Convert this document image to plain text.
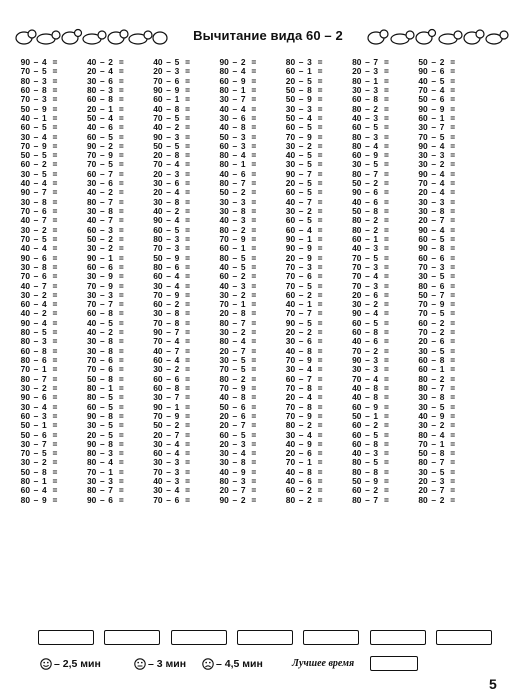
Вычитание вида 60 – 2
90 – 4 =
70 – 5 =
80 – 3 =
60 – 8 =
70 – 3 =
50 – 9 =
40 – 1 =
60 – 5 =
30 – 4 =
70 – 9 =
50 – 5 =
60 – 2 =
30 – 5 =
40 – 4 =
90 – 7 =
30 – 8 =
70 – 6 =
40 – 7 =
30 – 2 =
70 – 5 =
40 – 4 =
90 – 6 =
30 – 8 =
70 – 6 =
40 – 7 =
30 – 2 =
60 – 4 =
40 – 2 =
90 – 4 =
80 – 5 =
80 – 3 =
60 – 8 =
80 – 6 =
70 – 1 =
80 – 7 =
30 – 2 =
90 – 6 =
30 – 4 =
60 – 3 =
50 – 1 =
50 – 6 =
30 – 7 =
70 – 5 =
30 – 2 =
50 – 8 =
80 – 1 =
60 – 4 =
80 – 9 =
40 – 2 =
20 – 4 =
30 – 6 =
80 – 3 =
60 – 8 =
20 – 1 =
50 – 4 =
40 – 6 =
60 – 5 =
90 – 2 =
70 – 9 =
70 – 5 =
60 – 7 =
30 – 6 =
40 – 2 =
80 – 7 =
30 – 8 =
40 – 7 =
60 – 3 =
50 – 2 =
30 – 2 =
90 – 1 =
60 – 6 =
30 – 9 =
70 – 9 =
30 – 3 =
70 – 7 =
60 – 8 =
40 – 5 =
40 – 2 =
30 – 8 =
30 – 8 =
70 – 6 =
70 – 6 =
50 – 8 =
80 – 1 =
80 – 5 =
60 – 5 =
90 – 8 =
30 – 5 =
20 – 5 =
90 – 8 =
80 – 3 =
80 – 4 =
70 – 1 =
30 – 3 =
80 – 7 =
90 – 6 =
40 – 5 =
20 – 3 =
70 – 6 =
90 – 9 =
60 – 1 =
40 – 8 =
70 – 5 =
40 – 2 =
90 – 3 =
50 – 5 =
20 – 8 =
70 – 4 =
20 – 3 =
30 – 6 =
20 – 4 =
30 – 8 =
40 – 2 =
90 – 4 =
60 – 5 =
80 – 3 =
70 – 3 =
50 – 9 =
80 – 6 =
60 – 4 =
30 – 4 =
70 – 9 =
60 – 2 =
30 – 8 =
70 – 8 =
90 – 7 =
70 – 4 =
40 – 7 =
60 – 4 =
30 – 2 =
60 – 6 =
60 – 8 =
30 – 7 =
90 – 1 =
70 – 9 =
50 – 2 =
20 – 7 =
30 – 4 =
60 – 4 =
30 – 3 =
70 – 3 =
40 – 3 =
30 – 4 =
70 – 6 =
90 – 2 =
80 – 4 =
60 – 9 =
80 – 1 =
30 – 7 =
40 – 4 =
30 – 6 =
40 – 8 =
50 – 3 =
60 – 3 =
80 – 4 =
80 – 1 =
40 – 6 =
80 – 7 =
50 – 2 =
30 – 3 =
30 – 8 =
40 – 3 =
80 – 2 =
70 – 9 =
60 – 1 =
80 – 5 =
40 – 5 =
60 – 2 =
40 – 3 =
30 – 2 =
70 – 1 =
20 – 8 =
80 – 7 =
30 – 2 =
80 – 4 =
20 – 7 =
30 – 5 =
70 – 5 =
80 – 2 =
70 – 9 =
40 – 8 =
50 – 6 =
20 – 6 =
20 – 7 =
60 – 5 =
20 – 3 =
30 – 4 =
30 – 8 =
40 – 9 =
80 – 3 =
20 – 7 =
90 – 2 =
80 – 3 =
60 – 1 =
20 – 5 =
50 – 8 =
50 – 9 =
30 – 3 =
50 – 4 =
60 – 5 =
70 – 9 =
30 – 2 =
40 – 5 =
30 – 5 =
90 – 7 =
20 – 5 =
60 – 5 =
40 – 7 =
30 – 2 =
60 – 5 =
60 – 4 =
90 – 1 =
90 – 9 =
20 – 9 =
70 – 3 =
70 – 6 =
70 – 5 =
60 – 2 =
40 – 1 =
70 – 7 =
90 – 5 =
20 – 2 =
30 – 6 =
40 – 8 =
70 – 9 =
30 – 4 =
60 – 7 =
70 – 8 =
20 – 4 =
70 – 8 =
70 – 9 =
80 – 2 =
30 – 4 =
40 – 9 =
20 – 6 =
70 – 1 =
40 – 8 =
40 – 6 =
60 – 2 =
80 – 2 =
80 – 7 =
20 – 3 =
80 – 1 =
30 – 3 =
60 – 8 =
80 – 2 =
40 – 3 =
60 – 5 =
80 – 3 =
80 – 4 =
60 – 9 =
30 – 5 =
80 – 7 =
50 – 2 =
90 – 6 =
40 – 6 =
50 – 8 =
80 – 2 =
80 – 2 =
60 – 1 =
40 – 3 =
70 – 5 =
70 – 3 =
70 – 4 =
70 – 3 =
20 – 6 =
30 – 2 =
90 – 4 =
60 – 5 =
60 – 8 =
40 – 6 =
70 – 2 =
90 – 3 =
30 – 3 =
70 – 4 =
40 – 8 =
40 – 8 =
60 – 9 =
50 – 1 =
60 – 2 =
60 – 5 =
60 – 8 =
40 – 3 =
80 – 5 =
80 – 8 =
50 – 9 =
60 – 2 =
80 – 7 =
50 – 2 =
90 – 6 =
40 – 5 =
70 – 4 =
50 – 6 =
90 – 9 =
60 – 1 =
30 – 7 =
70 – 5 =
90 – 4 =
30 – 3 =
30 – 2 =
90 – 4 =
70 – 4 =
20 – 4 =
30 – 3 =
30 – 8 =
20 – 7 =
90 – 4 =
60 – 5 =
90 – 8 =
60 – 6 =
70 – 3 =
30 – 5 =
80 – 6 =
50 – 7 =
70 – 9 =
70 – 5 =
60 – 2 =
70 – 2 =
20 – 6 =
30 – 5 =
60 – 8 =
60 – 1 =
80 – 2 =
80 – 7 =
30 – 8 =
30 – 5 =
40 – 9 =
30 – 2 =
80 – 4 =
70 – 1 =
50 – 8 =
80 – 7 =
30 – 5 =
20 – 3 =
20 – 7 =
80 – 2 =
– 2,5 мин	– 3 мин	– 4,5 мин	Лучшее время
5
